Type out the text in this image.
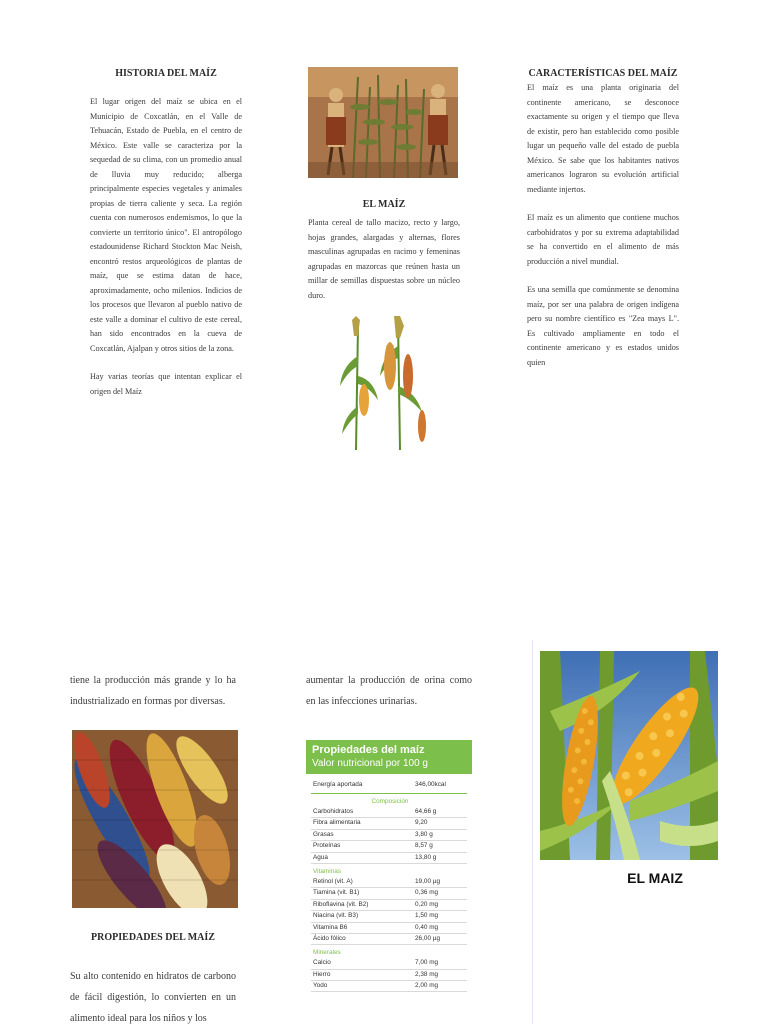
HISTORIA DEL MAÍZ

El lugar origen del maíz se ubica en el Municipio de Coxcatlán, en el Valle de Tehuacán, Estado de Puebla, en el centro de México. Este valle se caracteriza por la sequedad de su clima, con un promedio anual de lluvia muy reducido; alberga principalmente especies vegetales y animales propias de tierra caliente y seca. La región cuenta con numerosos endemismos, lo que la convierte un territorio único". El antropólogo estadounidense Richard Stockton Mac Neish, encontró restos arqueológicos de plantas de maíz, que se estima datan de hace, aproximadamente, ocho milenios. Indicios de los procesos que llevaron al pueblo nativo de este valle a dominar el cultivo de este cereal, han sido encontrados en la cueva de Coxcatlán, Ajalpan y otros sitios de la zona.

Hay varias teorías que intentan explicar el origen del Maíz

EL MAÍZ
Planta cereal de tallo macizo, recto y largo, hojas grandes, alargadas y alternas, flores masculinas agrupadas en racimo y femeninas agrupadas en mazorcas que reúnen hasta un millar de semillas dispuestas sobre un núcleo duro.
CARACTERÍSTICAS DEL MAÍZ

El maíz es una planta originaria del continente americano, se desconoce exactamente su origen y el tiempo que lleva de existir, pero han establecido como posible lugar un pequeño valle del estado de puebla México. Se sabe que los habitantes nativos americanos lograron su evolución artificial mediante injertos.

El maíz es un alimento que contiene muchos carbohidratos y por su extrema adaptabilidad se ha convertido en el alimento de más producción a nivel mundial.

Es una semilla que comúnmente se denomina maíz, por ser una palabra de origen indígena pero su nombre científico es "Zea mays L". Es cultivado ampliamente en todo el continente americano y es estados unidos quien

tiene la producción más grande y lo ha industrializado en formas por diversas.
PROPIEDADES DEL MAÍZ
Su alto contenido en hidratos de carbono de fácil digestión, lo convierten en un alimento ideal para los niños y los
aumentar la producción de orina como en las infecciones urinarias.
Propiedades del maíz
Valor nutricional por 100 g
Energía aportada	346,00kcal
Composición
Carbohidratos	64,66 g
Fibra alimentaria	9,20
Grasas	3,80 g
Proteínas	8,57 g
Agua	13,80 g
Vitaminas
Retinol (vit. A)	19,00 µg
Tiamina (vit. B1)	0,36 mg
Riboflavina (vit. B2)	0,20 mg
Niacina (vit. B3)	1,50 mg
Vitamina B6	0,40 mg
Ácido fólico	26,00 µg
Minerales
Calcio	7,00 mg
Hierro	2,38 mg
Yodo	2,00 mg
EL MAIZ
